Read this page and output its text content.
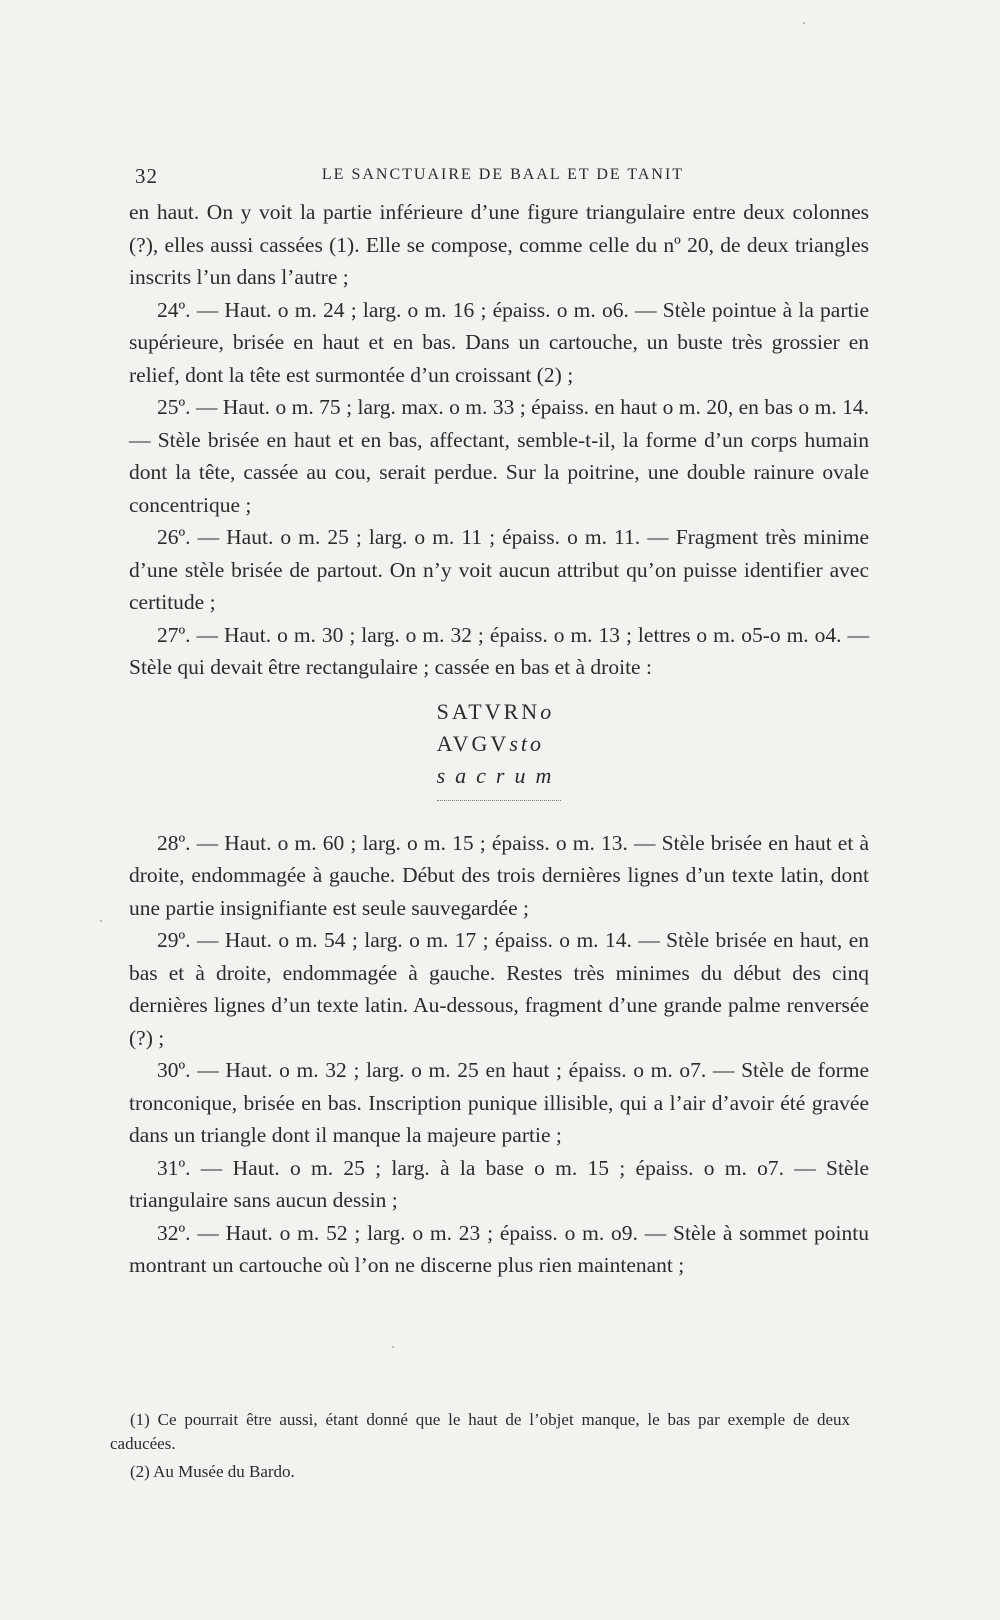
32	LE SANCTUAIRE DE BAAL ET DE TANIT

en haut. On y voit la partie inférieure d’une figure triangulaire entre deux colonnes (?), elles aussi cassées (1). Elle se compose, comme celle du nº 20, de deux triangles inscrits l’un dans l’autre ;

24º. — Haut. o m. 24 ; larg. o m. 16 ; épaiss. o m. o6. — Stèle pointue à la partie supérieure, brisée en haut et en bas. Dans un cartouche, un buste très grossier en relief, dont la tête est surmontée d’un croissant (2) ;

25º. — Haut. o m. 75 ; larg. max. o m. 33 ; épaiss. en haut o m. 20, en bas o m. 14. — Stèle brisée en haut et en bas, affectant, semble-t-il, la forme d’un corps humain dont la tête, cassée au cou, serait perdue. Sur la poitrine, une double rainure ovale concentrique ;

26º. — Haut. o m. 25 ; larg. o m. 11 ; épaiss. o m. 11. — Fragment très minime d’une stèle brisée de partout. On n’y voit aucun attribut qu’on puisse identifier avec certitude ;

27º. — Haut. o m. 30 ; larg. o m. 32 ; épaiss. o m. 13 ; lettres o m. o5-o m. o4. — Stèle qui devait être rectangulaire ; cassée en bas et à droite :

SATVRNo
AVGVsto
sacrum

28º. — Haut. o m. 60 ; larg. o m. 15 ; épaiss. o m. 13. — Stèle brisée en haut et à droite, endommagée à gauche. Début des trois dernières lignes d’un texte latin, dont une partie insignifiante est seule sauvegardée ;

29º. — Haut. o m. 54 ; larg. o m. 17 ; épaiss. o m. 14. — Stèle brisée en haut, en bas et à droite, endommagée à gauche. Restes très minimes du début des cinq dernières lignes d’un texte latin. Au-dessous, fragment d’une grande palme renversée (?) ;

30º. — Haut. o m. 32 ; larg. o m. 25 en haut ; épaiss. o m. o7. — Stèle de forme tronconique, brisée en bas. Inscription punique illisible, qui a l’air d’avoir été gravée dans un triangle dont il manque la majeure partie ;

31º. — Haut. o m. 25 ; larg. à la base o m. 15 ; épaiss. o m. o7. — Stèle triangulaire sans aucun dessin ;

32º. — Haut. o m. 52 ; larg. o m. 23 ; épaiss. o m. o9. — Stèle à sommet pointu montrant un cartouche où l’on ne discerne plus rien maintenant ;

(1) Ce pourrait être aussi, étant donné que le haut de l’objet manque, le bas par exemple de deux caducées.

(2) Au Musée du Bardo.
